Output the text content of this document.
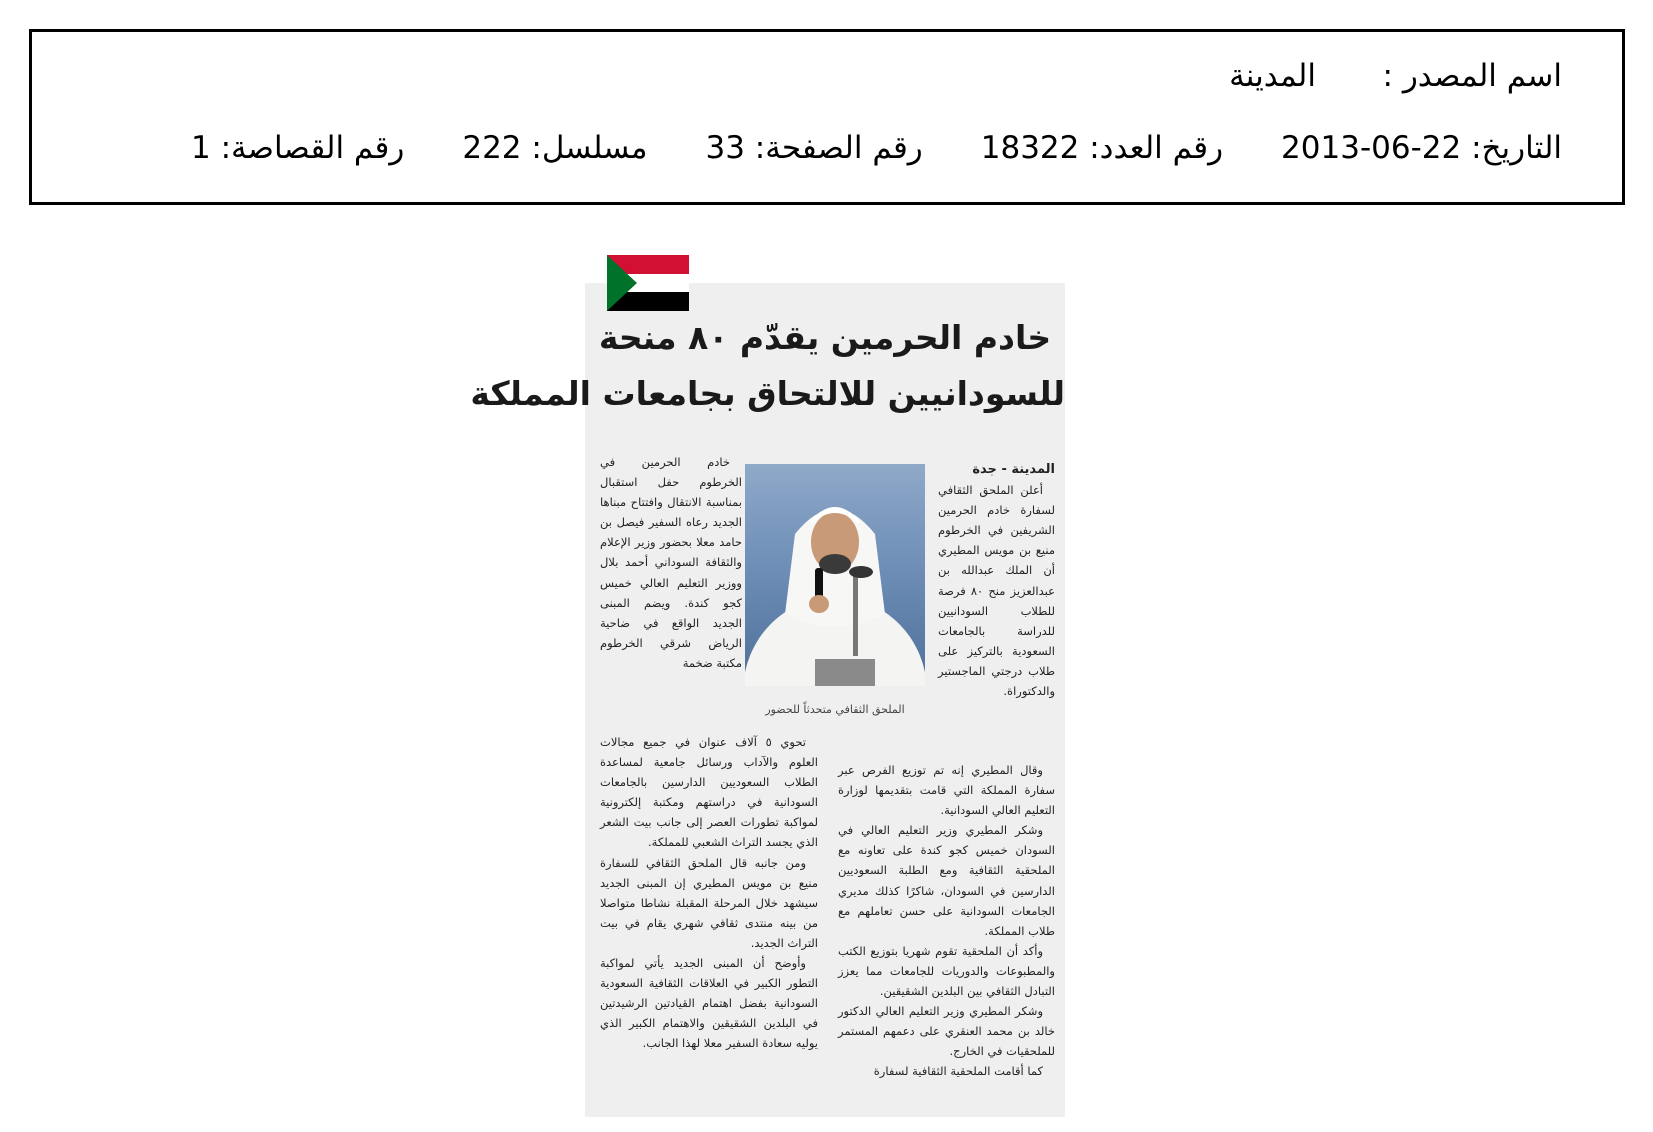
اسم المصدر :المدينة
التاريخ: 22-06-2013رقم العدد: 18322رقم الصفحة: 33مسلسل: 222رقم القصاصة: 1
خادم الحرمين يقدّم ٨٠ منحة
للسودانيين للالتحاق بجامعات المملكة

المدينة - جدة

أعلن الملحق الثقافي لسفارة خادم الحرمين الشريفين في الخرطوم منيع بن مويس المطيري أن الملك عبدالله بن عبدالعزيز منح ٨٠ فرصة للطلاب السودانيين للدراسة بالجامعات السعودية بالتركيز على طلاب درجتي الماجستير والدكتوراة.

الملحق الثقافي متحدثاً للحضور

خادم الحرمين في الخرطوم حفل استقبال بمناسبة الانتقال وافتتاح مبناها الجديد رعاه السفير فيصل بن حامد معلا بحضور وزير الإعلام والثقافة السوداني أحمد بلال ووزير التعليم العالي خميس كجو كندة. ويضم المبنى الجديد الواقع في ضاحية الرياض شرقي الخرطوم مكتبة ضخمة

وقال المطيري إنه تم توزيع الفرص عبر سفارة المملكة التي قامت بتقديمها لوزارة التعليم العالي السودانية.

وشكر المطيري وزير التعليم العالي في السودان خميس كجو كندة على تعاونه مع الملحقية الثقافية ومع الطلبة السعوديين الدارسين في السودان، شاكرًا كذلك مديري الجامعات السودانية على حسن تعاملهم مع طلاب المملكة.

وأكد أن الملحقية تقوم شهريا بتوزيع الكتب والمطبوعات والدوريات للجامعات مما يعزز التبادل الثقافي بين البلدين الشقيقين.

وشكر المطيري وزير التعليم العالي الدكتور خالد بن محمد العنقري على دعمهم المستمر للملحقيات في الخارج.

كما أقامت الملحقية الثقافية لسفارة

تحوي ٥ آلاف عنوان في جميع مجالات العلوم والآداب ورسائل جامعية لمساعدة الطلاب السعوديين الدارسين بالجامعات السودانية في دراستهم ومكتبة إلكترونية لمواكبة تطورات العصر إلى جانب بيت الشعر الذي يجسد التراث الشعبي للمملكة.

ومن جانبه قال الملحق الثقافي للسفارة منيع بن مويس المطيري إن المبنى الجديد سيشهد خلال المرحلة المقبلة نشاطا متواصلا من بينه منتدى ثقافي شهري يقام في بيت التراث الجديد.

وأوضح أن المبنى الجديد يأتي لمواكبة التطور الكبير في العلاقات الثقافية السعودية السودانية بفضل اهتمام القيادتين الرشيدتين في البلدين الشقيقين والاهتمام الكبير الذي يوليه سعادة السفير معلا لهذا الجانب.
